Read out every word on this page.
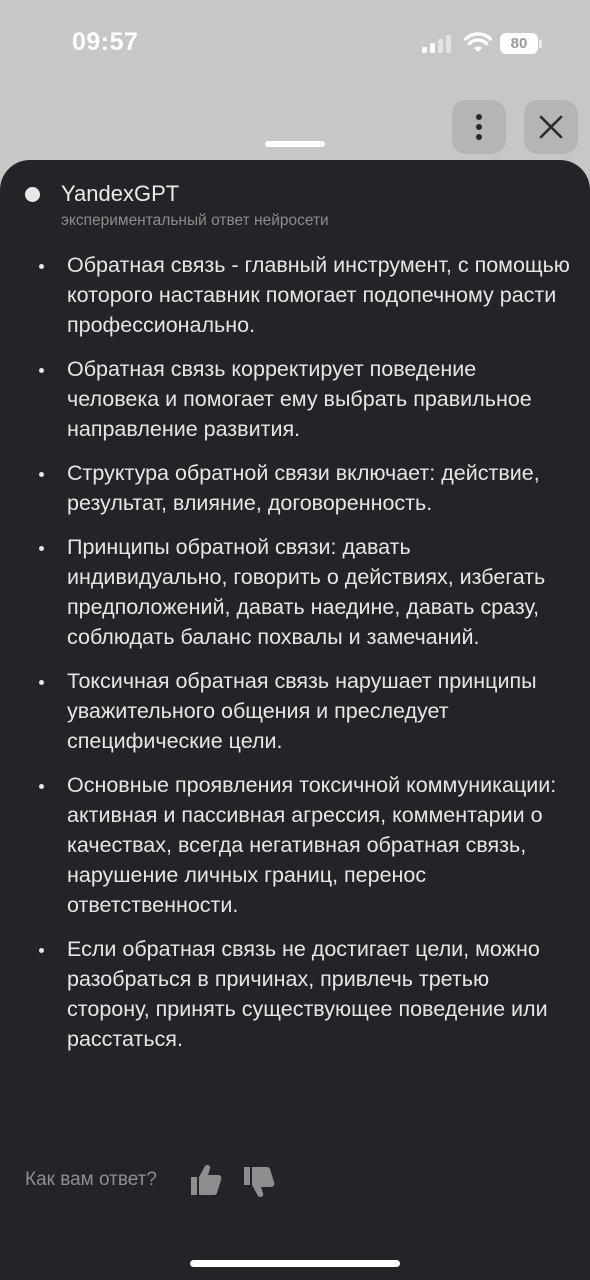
09:57	80
YandexGPT
экспериментальный ответ нейросети
Обратная связь - главный инструмент, с помощью которого наставник помогает подопечному расти профессионально.
Обратная связь корректирует поведение человека и помогает ему выбрать правильное направление развития.
Структура обратной связи включает: действие, результат, влияние, договоренность.
Принципы обратной связи: давать индивидуально, говорить о действиях, избегать предположений, давать наедине, давать сразу, соблюдать баланс похвалы и замечаний.
Токсичная обратная связь нарушает принципы уважительного общения и преследует специфические цели.
Основные проявления токсичной коммуникации: активная и пассивная агрессия, комментарии о качествах, всегда негативная обратная связь, нарушение личных границ, перенос ответственности.
Если обратная связь не достигает цели, можно разобраться в причинах, привлечь третью сторону, принять существующее поведение или расстаться.
Как вам ответ?
